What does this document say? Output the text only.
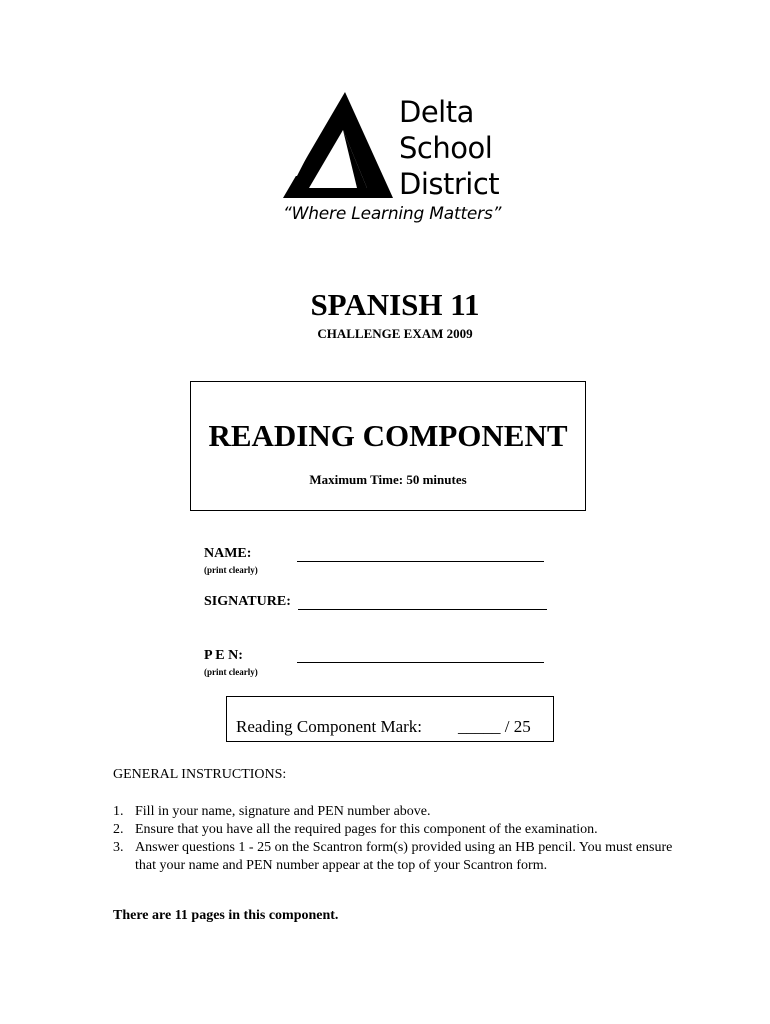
Delta
School
District
“Where Learning Matters”
SPANISH 11
CHALLENGE EXAM 2009
READING COMPONENT
Maximum Time: 50 minutes
NAME:
(print clearly)
SIGNATURE:
P E N:
(print clearly)
Reading Component Mark: _____ / 25
GENERAL INSTRUCTIONS:
1. Fill in your name, signature and PEN number above.
2. Ensure that you have all the required pages for this component of the examination.
3. Answer questions 1 - 25 on the Scantron form(s) provided using an HB pencil. You must ensure that your name and PEN number appear at the top of your Scantron form.
There are 11 pages in this component.
